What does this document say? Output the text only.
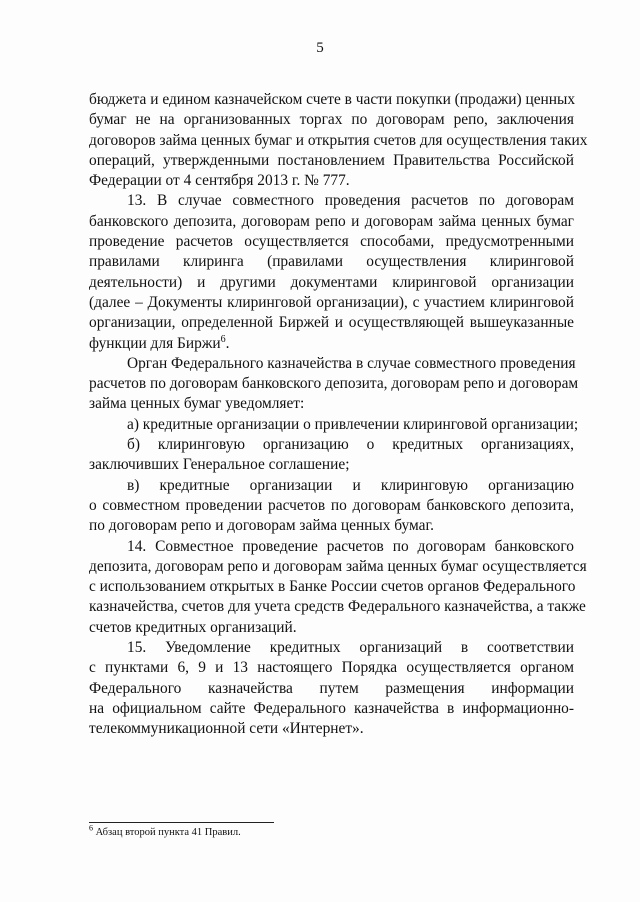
5

бюджета и едином казначейском счете в части покупки (продажи) ценных
бумаг не на организованных торгах по договорам репо, заключения
договоров займа ценных бумаг и открытия счетов для осуществления таких
операций, утвержденными постановлением Правительства Российской
Федерации от 4 сентября 2013 г. № 777.

13. В случае совместного проведения расчетов по договорам
банковского депозита, договорам репо и договорам займа ценных бумаг
проведение расчетов осуществляется способами, предусмотренными
правилами клиринга (правилами осуществления клиринговой
деятельности) и другими документами клиринговой организации
(далее – Документы клиринговой организации), с участием клиринговой
организации, определенной Биржей и осуществляющей вышеуказанные
функции для Биржи$^6$.

Орган Федерального казначейства в случае совместного проведения
расчетов по договорам банковского депозита, договорам репо и договорам
займа ценных бумаг уведомляет:

а) кредитные организации о привлечении клиринговой организации;

б) клиринговую организацию о кредитных организациях,
заключивших Генеральное соглашение;

в) кредитные организации и клиринговую организацию
о совместном проведении расчетов по договорам банковского депозита,
по договорам репо и договорам займа ценных бумаг.

14. Совместное проведение расчетов по договорам банковского
депозита, договорам репо и договорам займа ценных бумаг осуществляется
с использованием открытых в Банке России счетов органов Федерального
казначейства, счетов для учета средств Федерального казначейства, а также
счетов кредитных организаций.

15. Уведомление кредитных организаций в соответствии
с пунктами 6, 9 и 13 настоящего Порядка осуществляется органом
Федерального казначейства путем размещения информации
на официальном сайте Федерального казначейства в информационно-
телекоммуникационной сети «Интернет».

$^6$ Абзац второй пункта 41 Правил.
